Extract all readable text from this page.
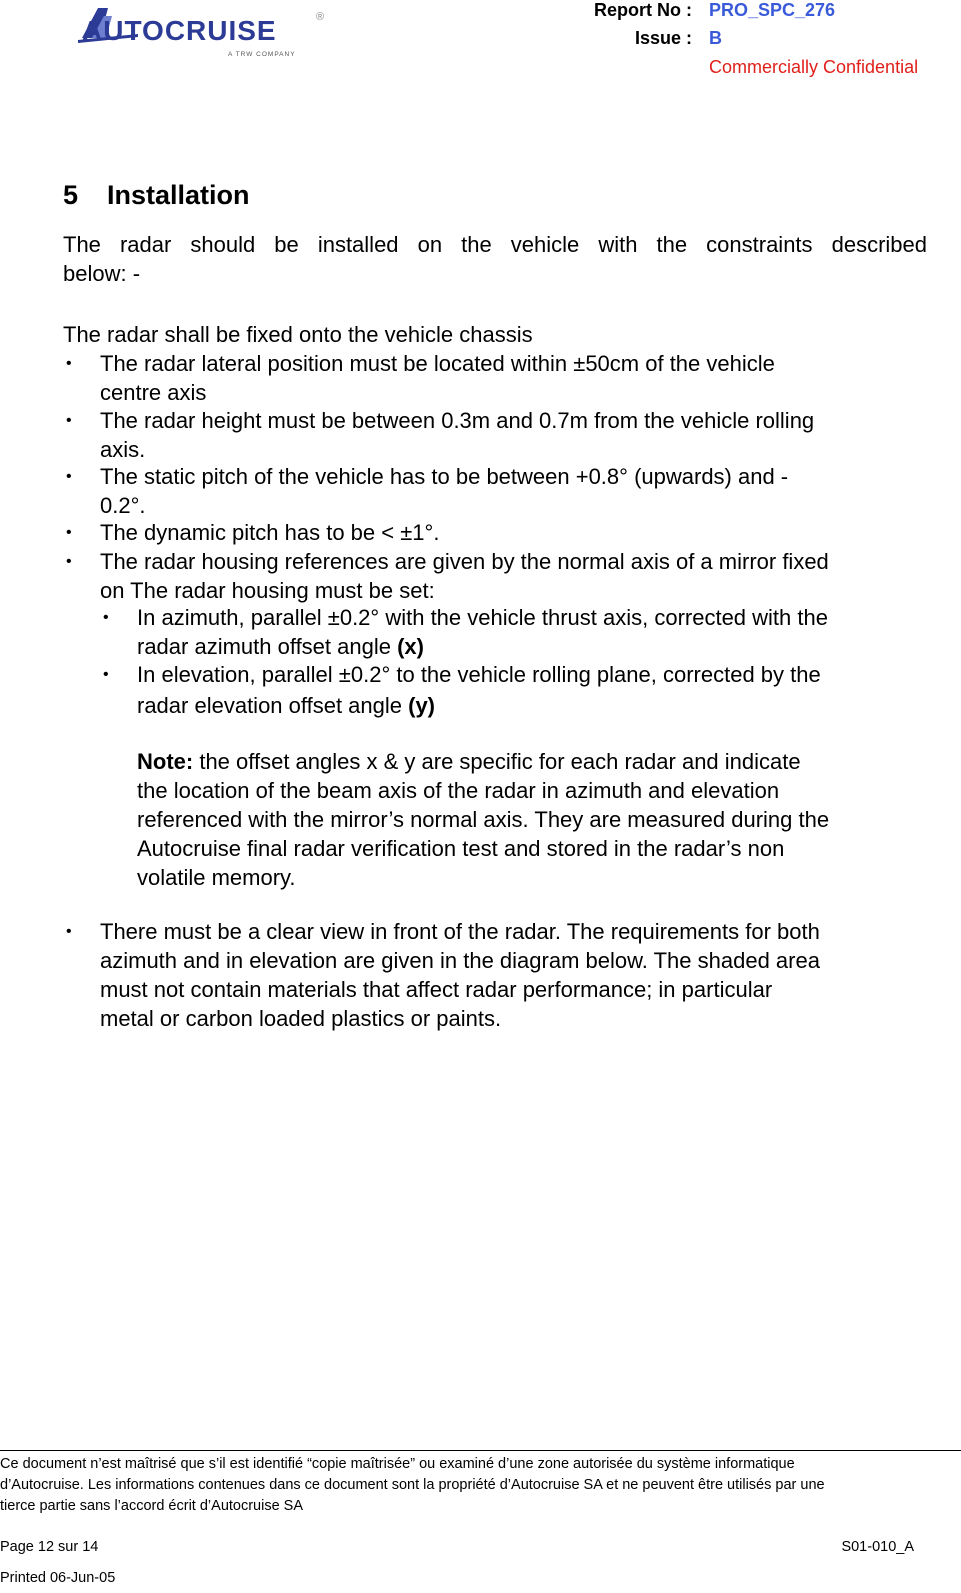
AUTOCRUISE	®
A TRW COMPANY
Report No : PRO_SPC_276
Issue : B
Commercially Confidential
5 Installation
The radar should be installed on the vehicle with the constraints described
below: -
The radar shall be fixed onto the vehicle chassis
• The radar lateral position must be located within ±50cm of the vehicle
centre axis
• The radar height must be between 0.3m and 0.7m from the vehicle rolling
axis.
• The static pitch of the vehicle has to be between +0.8° (upwards) and -
0.2°.
• The dynamic pitch has to be < ±1°.
• The radar housing references are given by the normal axis of a mirror fixed
on The radar housing must be set:
• In azimuth, parallel ±0.2° with the vehicle thrust axis, corrected with the
radar azimuth offset angle (x)
• In elevation, parallel ±0.2° to the vehicle rolling plane, corrected by the
radar elevation offset angle (y)
Note: the offset angles x & y are specific for each radar and indicate
the location of the beam axis of the radar in azimuth and elevation
referenced with the mirror’s normal axis. They are measured during the
Autocruise final radar verification test and stored in the radar’s non
volatile memory.
• There must be a clear view in front of the radar. The requirements for both
azimuth and in elevation are given in the diagram below. The shaded area
must not contain materials that affect radar performance; in particular
metal or carbon loaded plastics or paints.
Ce document n’est maîtrisé que s’il est identifié “copie maîtrisée” ou examiné d’une zone autorisée du système informatique
d’Autocruise. Les informations contenues dans ce document sont la propriété d’Autocruise SA et ne peuvent être utilisés par une
tierce partie sans l’accord écrit d’Autocruise SA
Page 12 sur 14	S01-010_A
Printed 06-Jun-05
